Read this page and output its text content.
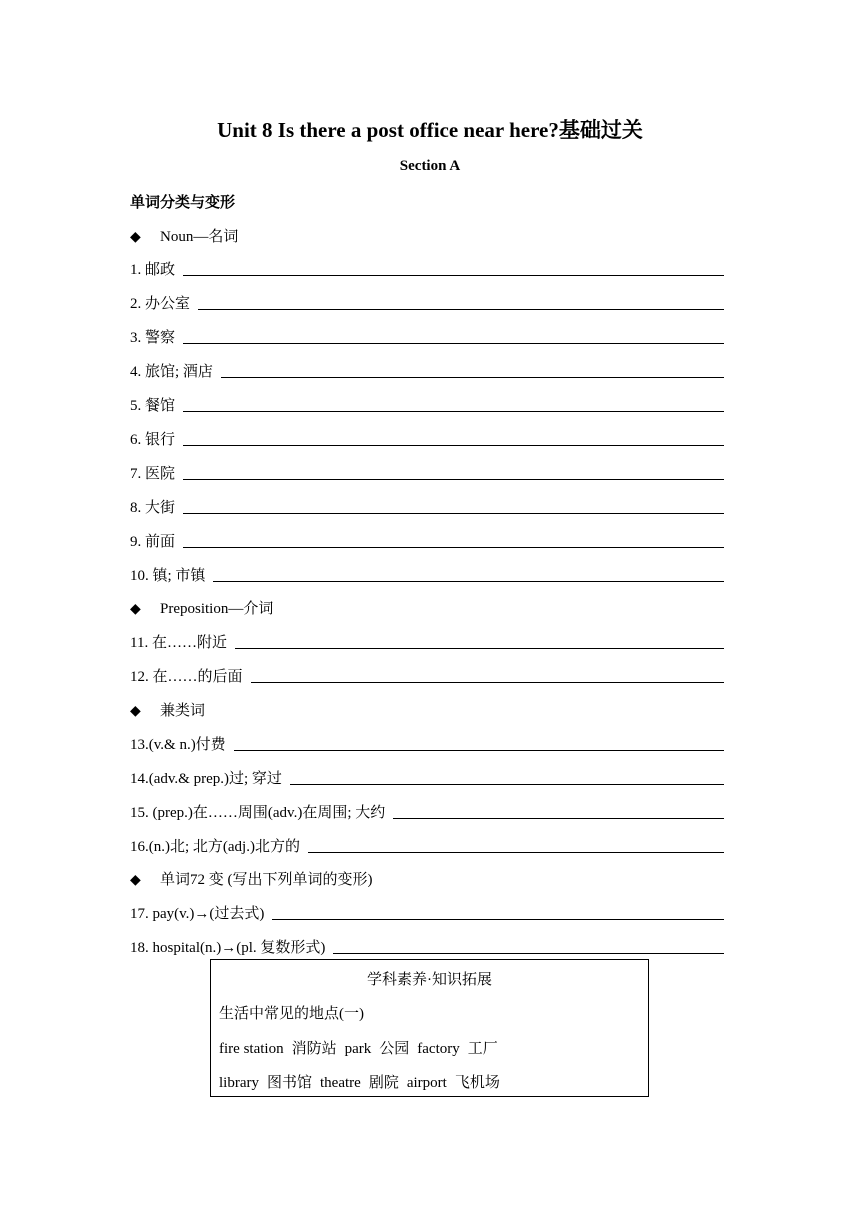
Unit 8 Is there a post office near here?基础过关
Section A
单词分类与变形
◆ Noun—名词
1. 邮政
2. 办公室
3. 警察
4. 旅馆; 酒店
5. 餐馆
6. 银行
7. 医院
8. 大街
9. 前面
10. 镇; 市镇
◆ Preposition—介词
11. 在……附近
12. 在……的后面
◆ 兼类词
13.(v.& n.)付费
14.(adv.& prep.)过; 穿过
15. (prep.)在……周围(adv.)在周围; 大约
16.(n.)北; 北方(adj.)北方的
◆ 单词72 变 (写出下列单词的变形)
17. pay(v.)→(过去式)
18. hospital(n.)→(pl. 复数形式)
学科素养·知识拓展
生活中常见的地点(一)
fire station 消防站 park 公园 factory 工厂
library 图书馆 theatre 剧院 airport 飞机场
